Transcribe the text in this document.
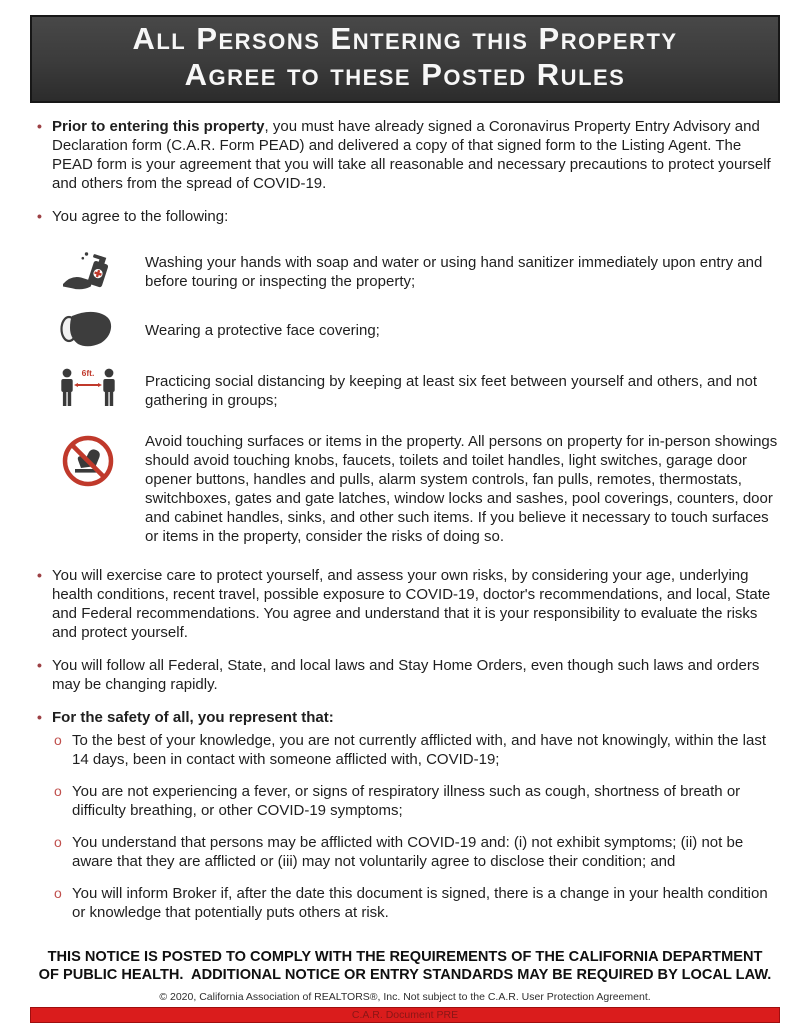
All Persons Entering this Property
Agree to these Posted Rules
• Prior to entering this property, you must have already signed a Coronavirus Property Entry Advisory and Declaration form (C.A.R. Form PEAD) and delivered a copy of that signed form to the Listing Agent. The PEAD form is your agreement that you will take all reasonable and necessary precautions to protect yourself and others from the spread of COVID-19.
• You agree to the following:
Washing your hands with soap and water or using hand sanitizer immediately upon entry and before touring or inspecting the property;
Wearing a protective face covering;
6ft.	Practicing social distancing by keeping at least six feet between yourself and others, and not gathering in groups;
Avoid touching surfaces or items in the property. All persons on property for in-person showings should avoid touching knobs, faucets, toilets and toilet handles, light switches, garage door opener buttons, handles and pulls, alarm system controls, fan pulls, remotes, thermostats, switchboxes, gates and gate latches, window locks and sashes, pool coverings, counters, door and cabinet handles, sinks, and other such items. If you believe it necessary to touch surfaces or items in the property, consider the risks of doing so.
• You will exercise care to protect yourself, and assess your own risks, by considering your age, underlying health conditions, recent travel, possible exposure to COVID-19, doctor's recommendations, and local, State and Federal recommendations. You agree and understand that it is your responsibility to evaluate the risks and protect yourself.
• You will follow all Federal, State, and local laws and Stay Home Orders, even though such laws and orders may be changing rapidly.
• For the safety of all, you represent that:
o To the best of your knowledge, you are not currently afflicted with, and have not knowingly, within the last 14 days, been in contact with someone afflicted with, COVID-19;
o You are not experiencing a fever, or signs of respiratory illness such as cough, shortness of breath or difficulty breathing, or other COVID-19 symptoms;
o You understand that persons may be afflicted with COVID-19 and: (i) not exhibit symptoms; (ii) not be aware that they are afflicted or (iii) may not voluntarily agree to disclose their condition; and
o You will inform Broker if, after the date this document is signed, there is a change in your health condition or knowledge that potentially puts others at risk.
THIS NOTICE IS POSTED TO COMPLY WITH THE REQUIREMENTS OF THE CALIFORNIA DEPARTMENT OF PUBLIC HEALTH.  ADDITIONAL NOTICE OR ENTRY STANDARDS MAY BE REQUIRED BY LOCAL LAW.
© 2020, California Association of REALTORS®, Inc. Not subject to the C.A.R. User Protection Agreement.
C.A.R. Document PRE
